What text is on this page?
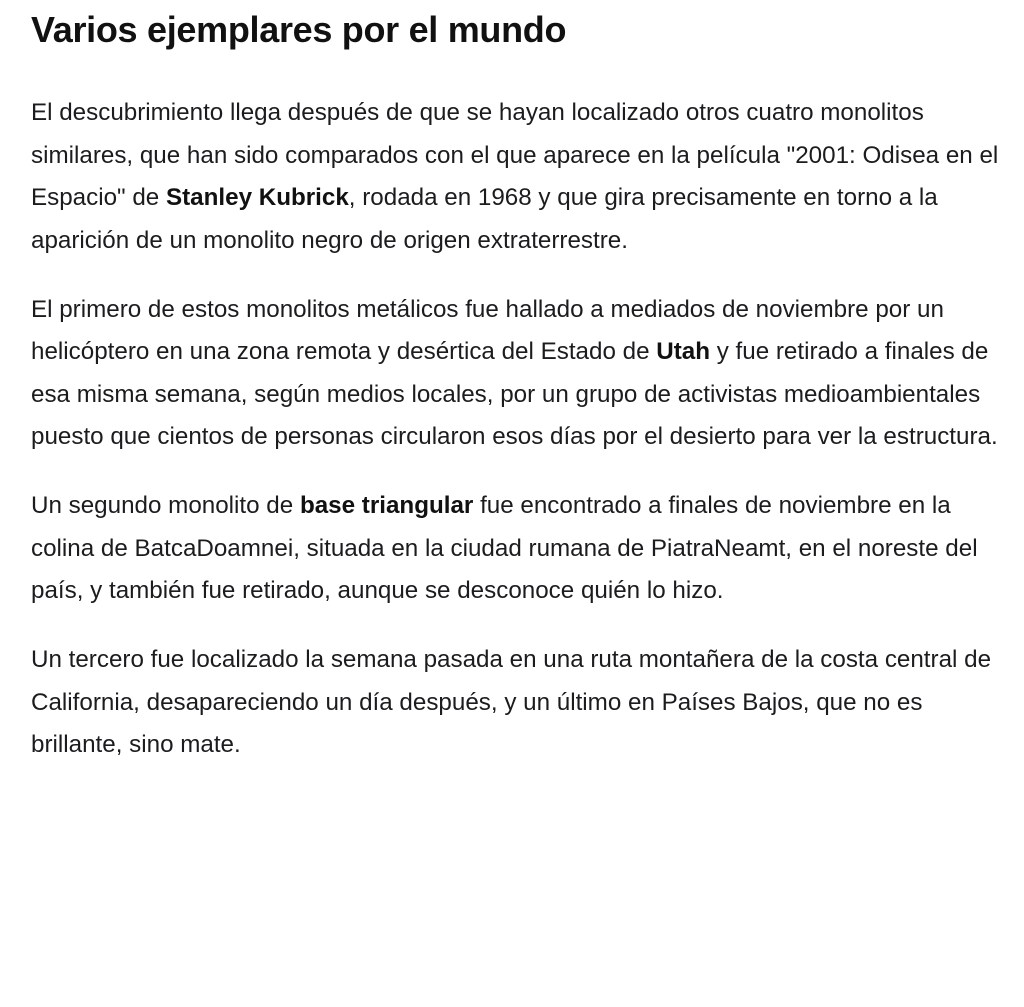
Varios ejemplares por el mundo

El descubrimiento llega después de que se hayan localizado otros cuatro monolitos similares, que han sido comparados con el que aparece en la película "2001: Odisea en el Espacio" de Stanley Kubrick, rodada en 1968 y que gira precisamente en torno a la aparición de un monolito negro de origen extraterrestre.

El primero de estos monolitos metálicos fue hallado a mediados de noviembre por un helicóptero en una zona remota y desértica del Estado de Utah y fue retirado a finales de esa misma semana, según medios locales, por un grupo de activistas medioambientales puesto que cientos de personas circularon esos días por el desierto para ver la estructura.

Un segundo monolito de base triangular fue encontrado a finales de noviembre en la colina de BatcaDoamnei, situada en la ciudad rumana de PiatraNeamt, en el noreste del país, y también fue retirado, aunque se desconoce quién lo hizo.

Un tercero fue localizado la semana pasada en una ruta montañera de la costa central de California, desapareciendo un día después, y un último en Países Bajos, que no es brillante, sino mate.
